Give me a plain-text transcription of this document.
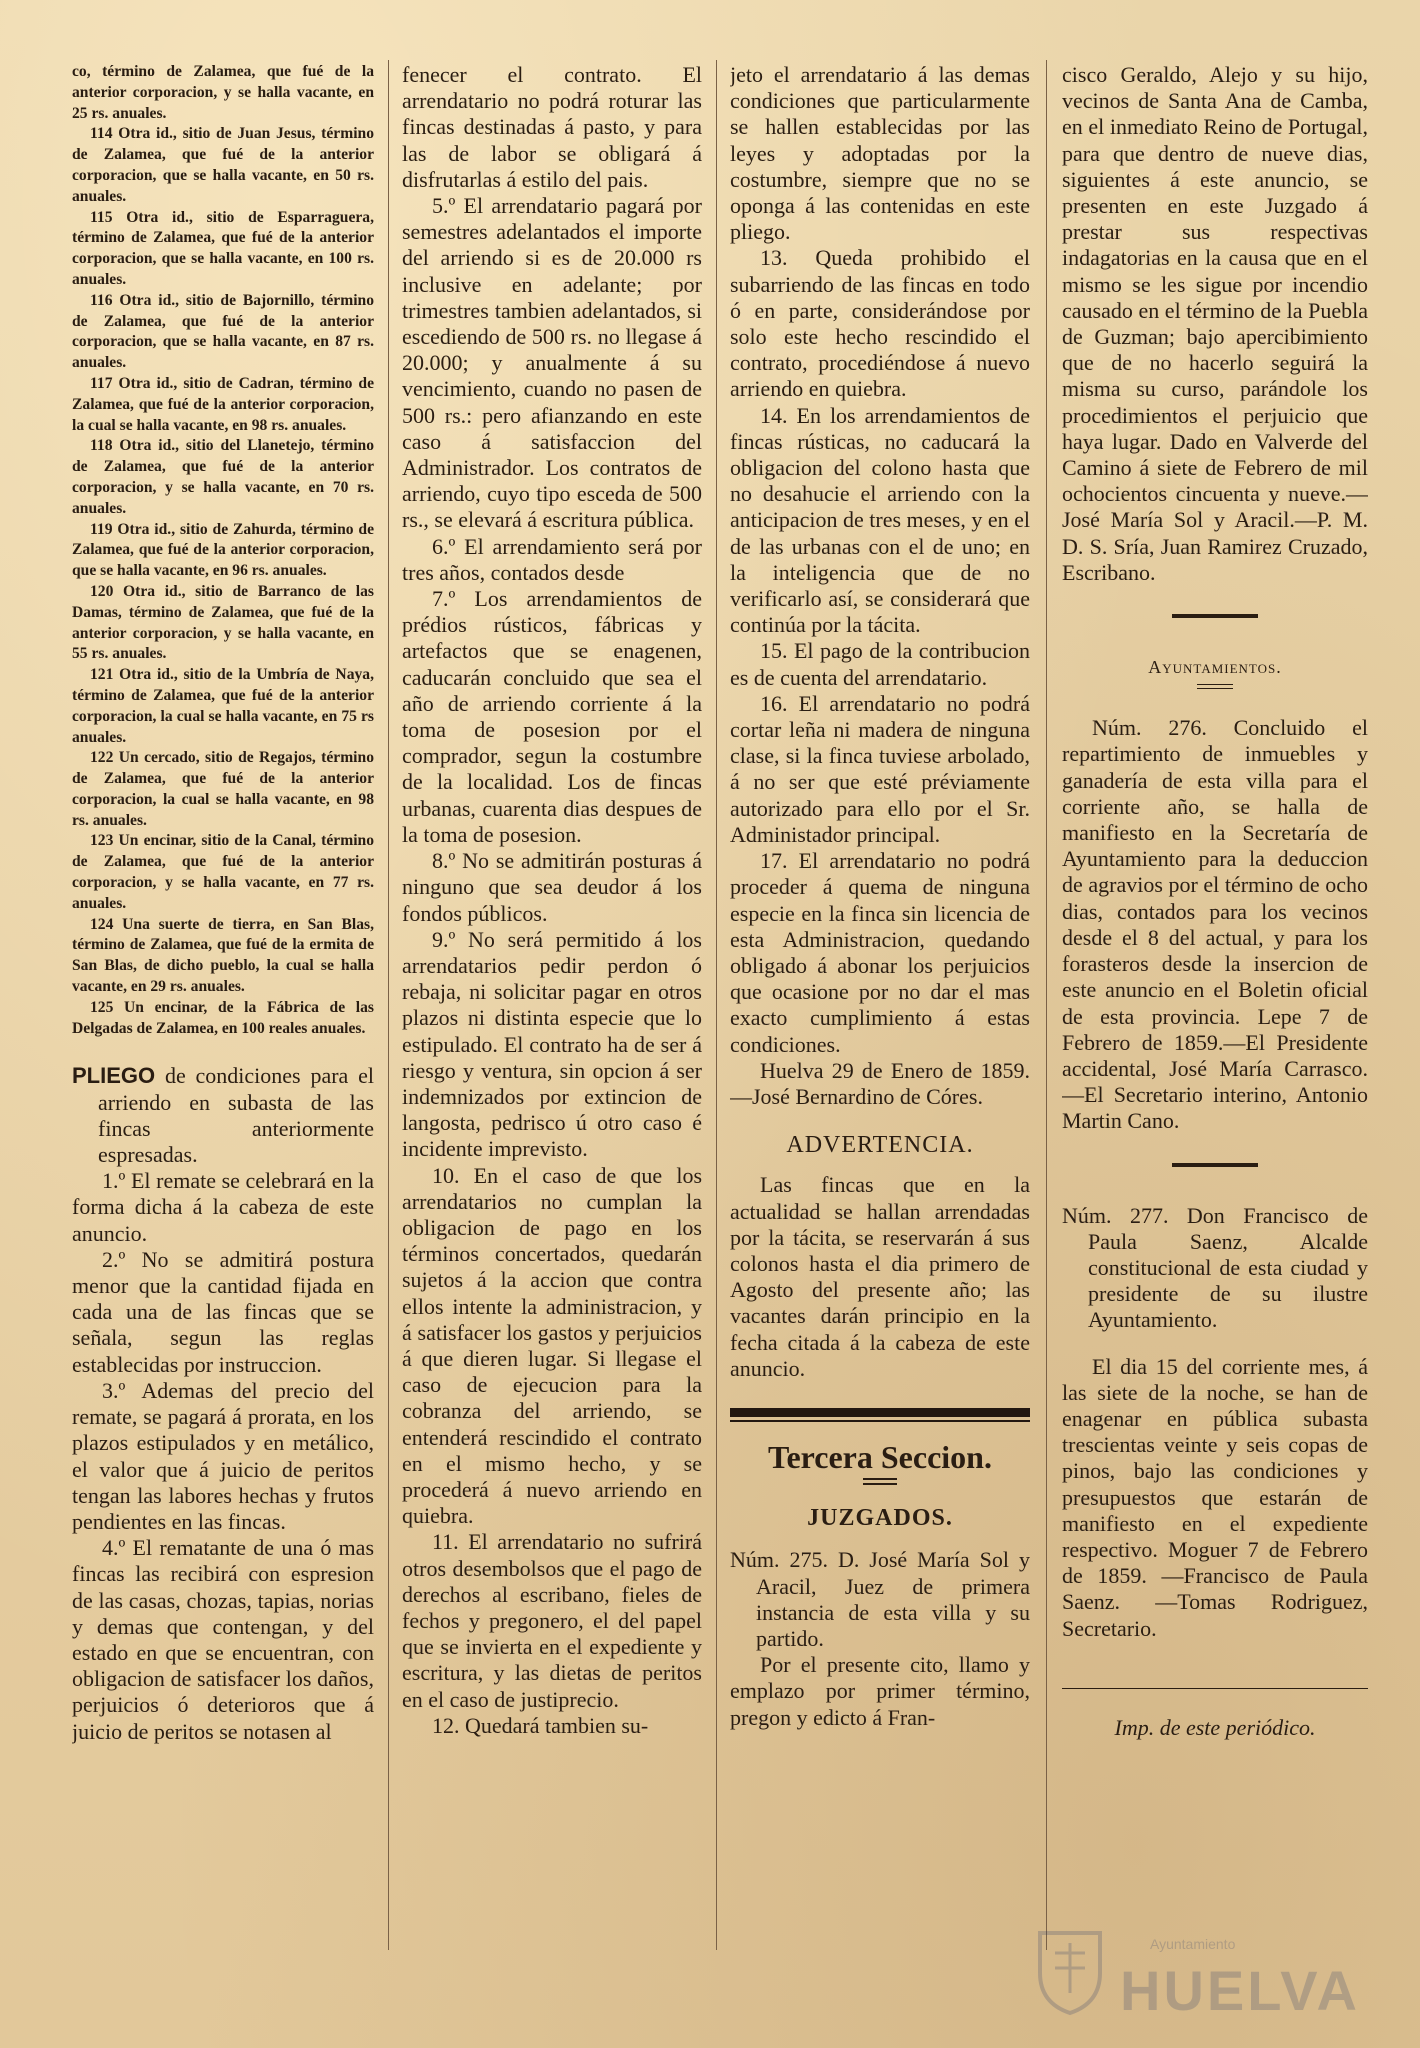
co, término de Zalamea, que fué de la anterior corporacion, y se halla vacante, en 25 rs. anuales.

114 Otra id., sitio de Juan Jesus, término de Zalamea, que fué de la anterior corporacion, que se halla vacante, en 50 rs. anuales.

115 Otra id., sitio de Esparraguera, término de Zalamea, que fué de la anterior corporacion, que se halla vacante, en 100 rs. anuales.

116 Otra id., sitio de Bajornillo, término de Zalamea, que fué de la anterior corporacion, que se halla vacante, en 87 rs. anuales.

117 Otra id., sitio de Cadran, término de Zalamea, que fué de la anterior corporacion, la cual se halla vacante, en 98 rs. anuales.

118 Otra id., sitio del Llanetejo, término de Zalamea, que fué de la anterior corporacion, y se halla vacante, en 70 rs. anuales.

119 Otra id., sitio de Zahurda, término de Zalamea, que fué de la anterior corporacion, que se halla vacante, en 96 rs. anuales.

120 Otra id., sitio de Barranco de las Damas, término de Zalamea, que fué de la anterior corporacion, y se halla vacante, en 55 rs. anuales.

121 Otra id., sitio de la Umbría de Naya, término de Zalamea, que fué de la anterior corporacion, la cual se halla vacante, en 75 rs anuales.

122 Un cercado, sitio de Regajos, término de Zalamea, que fué de la anterior corporacion, la cual se halla vacante, en 98 rs. anuales.

123 Un encinar, sitio de la Canal, término de Zalamea, que fué de la anterior corporacion, y se halla vacante, en 77 rs. anuales.

124 Una suerte de tierra, en San Blas, término de Zalamea, que fué de la ermita de San Blas, de dicho pueblo, la cual se halla vacante, en 29 rs. anuales.

125 Un encinar, de la Fábrica de las Delgadas de Zalamea, en 100 reales anuales.

PLIEGO de condiciones para el arriendo en subasta de las fincas anteriormente espresadas.

1.º El remate se celebrará en la forma dicha á la cabeza de este anuncio.

2.º No se admitirá postura menor que la cantidad fijada en cada una de las fincas que se señala, segun las reglas establecidas por instruccion.

3.º Ademas del precio del remate, se pagará á prorata, en los plazos estipulados y en metálico, el valor que á juicio de peritos tengan las labores hechas y frutos pendientes en las fincas.

4.º El rematante de una ó mas fincas las recibirá con espresion de las casas, chozas, tapias, norias y demas que contengan, y del estado en que se encuentran, con obligacion de satisfacer los daños, perjuicios ó deterioros que á juicio de peritos se notasen al

fenecer el contrato. El arrendatario no podrá roturar las fincas destinadas á pasto, y para las de labor se obligará á disfrutarlas á estilo del pais.

5.º El arrendatario pagará por semestres adelantados el importe del arriendo si es de 20.000 rs inclusive en adelante; por trimestres tambien adelantados, si escediendo de 500 rs. no llegase á 20.000; y anualmente á su vencimiento, cuando no pasen de 500 rs.: pero afianzando en este caso á satisfaccion del Administrador. Los contratos de arriendo, cuyo tipo esceda de 500 rs., se elevará á escritura pública.

6.º El arrendamiento será por tres años, contados desde

7.º Los arrendamientos de prédios rústicos, fábricas y artefactos que se enagenen, caducarán concluido que sea el año de arriendo corriente á la toma de posesion por el comprador, segun la costumbre de la localidad. Los de fincas urbanas, cuarenta dias despues de la toma de posesion.

8.º No se admitirán posturas á ninguno que sea deudor á los fondos públicos.

9.º No será permitido á los arrendatarios pedir perdon ó rebaja, ni solicitar pagar en otros plazos ni distinta especie que lo estipulado. El contrato ha de ser á riesgo y ventura, sin opcion á ser indemnizados por extincion de langosta, pedrisco ú otro caso é incidente imprevisto.

10. En el caso de que los arrendatarios no cumplan la obligacion de pago en los términos concertados, quedarán sujetos á la accion que contra ellos intente la administracion, y á satisfacer los gastos y perjuicios á que dieren lugar. Si llegase el caso de ejecucion para la cobranza del arriendo, se entenderá rescindido el contrato en el mismo hecho, y se procederá á nuevo arriendo en quiebra.

11. El arrendatario no sufrirá otros desembolsos que el pago de derechos al escribano, fieles de fechos y pregonero, el del papel que se invierta en el expediente y escritura, y las dietas de peritos en el caso de justiprecio.

12. Quedará tambien su-

jeto el arrendatario á las demas condiciones que particularmente se hallen establecidas por las leyes y adoptadas por la costumbre, siempre que no se oponga á las contenidas en este pliego.

13. Queda prohibido el subarriendo de las fincas en todo ó en parte, considerándose por solo este hecho rescindido el contrato, procediéndose á nuevo arriendo en quiebra.

14. En los arrendamientos de fincas rústicas, no caducará la obligacion del colono hasta que no desahucie el arriendo con la anticipacion de tres meses, y en el de las urbanas con el de uno; en la inteligencia que de no verificarlo así, se considerará que continúa por la tácita.

15. El pago de la contribucion es de cuenta del arrendatario.

16. El arrendatario no podrá cortar leña ni madera de ninguna clase, si la finca tuviese arbolado, á no ser que esté préviamente autorizado para ello por el Sr. Administador principal.

17. El arrendatario no podrá proceder á quema de ninguna especie en la finca sin licencia de esta Administracion, quedando obligado á abonar los perjuicios que ocasione por no dar el mas exacto cumplimiento á estas condiciones.

Huelva 29 de Enero de 1859.—José Bernardino de Córes.

ADVERTENCIA.

Las fincas que en la actualidad se hallan arrendadas por la tácita, se reservarán á sus colonos hasta el dia primero de Agosto del presente año; las vacantes darán principio en la fecha citada á la cabeza de este anuncio.

Tercera Seccion.

JUZGADOS.

Núm. 275. D. José María Sol y Aracil, Juez de primera instancia de esta villa y su partido.

Por el presente cito, llamo y emplazo por primer término, pregon y edicto á Fran-

cisco Geraldo, Alejo y su hijo, vecinos de Santa Ana de Camba, en el inmediato Reino de Portugal, para que dentro de nueve dias, siguientes á este anuncio, se presenten en este Juzgado á prestar sus respectivas indagatorias en la causa que en el mismo se les sigue por incendio causado en el término de la Puebla de Guzman; bajo apercibimiento que de no hacerlo seguirá la misma su curso, parándole los procedimientos el perjuicio que haya lugar. Dado en Valverde del Camino á siete de Febrero de mil ochocientos cincuenta y nueve.—José María Sol y Aracil.—P. M. D. S. Sría, Juan Ramirez Cruzado, Escribano.

Ayuntamientos.

Núm. 276. Concluido el repartimiento de inmuebles y ganadería de esta villa para el corriente año, se halla de manifiesto en la Secretaría de Ayuntamiento para la deduccion de agravios por el término de ocho dias, contados para los vecinos desde el 8 del actual, y para los forasteros desde la insercion de este anuncio en el Boletin oficial de esta provincia. Lepe 7 de Febrero de 1859.—El Presidente accidental, José María Carrasco.—El Secretario interino, Antonio Martin Cano.

Núm. 277. Don Francisco de Paula Saenz, Alcalde constitucional de esta ciudad y presidente de su ilustre Ayuntamiento.

El dia 15 del corriente mes, á las siete de la noche, se han de enagenar en pública subasta trescientas veinte y seis copas de pinos, bajo las condiciones y presupuestos que estarán de manifiesto en el expediente respectivo. Moguer 7 de Febrero de 1859. —Francisco de Paula Saenz. —Tomas Rodriguez, Secretario.

Imp. de este periódico.

Ayuntamiento
HUELVA
